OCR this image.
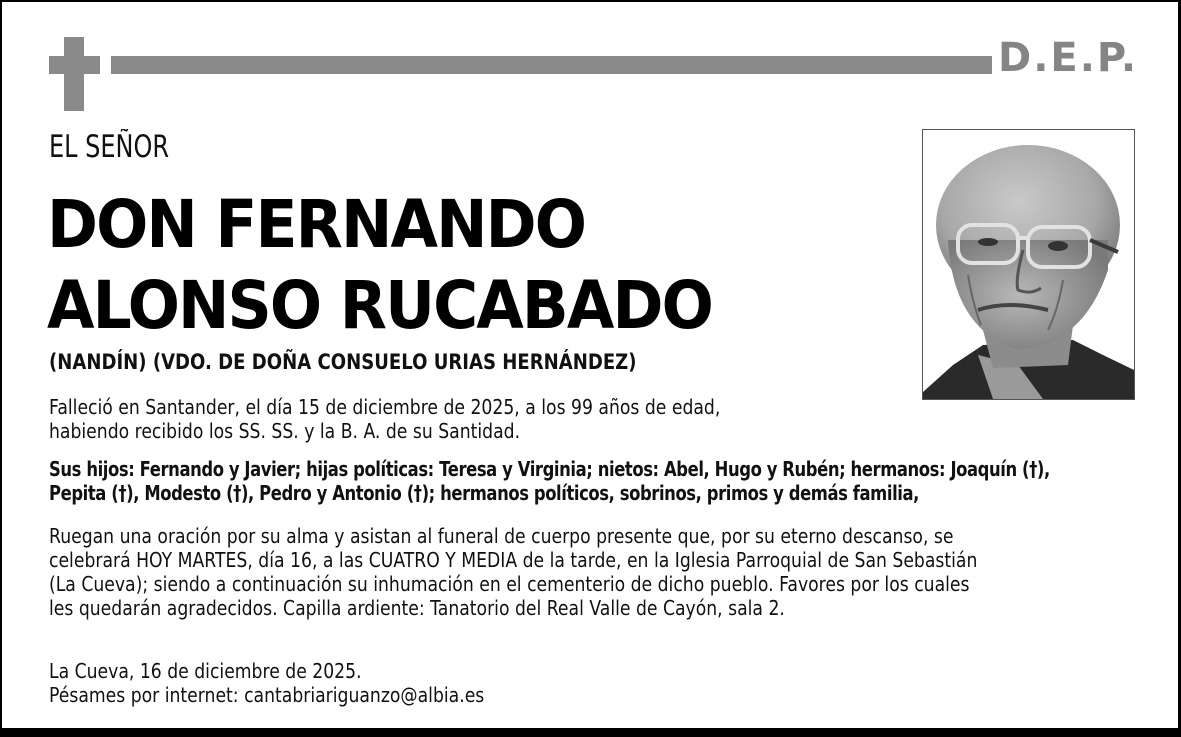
D.E.P.
EL SEÑOR
DON FERNANDO
ALONSO RUCABADO
(NANDÍN) (VDO. DE DOÑA CONSUELO URIAS HERNÁNDEZ)
Falleció en Santander, el día 15 de diciembre de 2025, a los 99 años de edad,
habiendo recibido los SS. SS. y la B. A. de su Santidad.
Sus hijos: Fernando y Javier; hijas políticas: Teresa y Virginia; nietos: Abel, Hugo y Rubén; hermanos: Joaquín (†),
Pepita (†), Modesto (†), Pedro y Antonio (†); hermanos políticos, sobrinos, primos y demás familia,
Ruegan una oración por su alma y asistan al funeral de cuerpo presente que, por su eterno descanso, se
celebrará HOY MARTES, día 16, a las CUATRO Y MEDIA de la tarde, en la Iglesia Parroquial de San Sebastián
(La Cueva); siendo a continuación su inhumación en el cementerio de dicho pueblo. Favores por los cuales
les quedarán agradecidos. Capilla ardiente: Tanatorio del Real Valle de Cayón, sala 2.
La Cueva, 16 de diciembre de 2025.
Pésames por internet: cantabriariguanzo@albia.es
